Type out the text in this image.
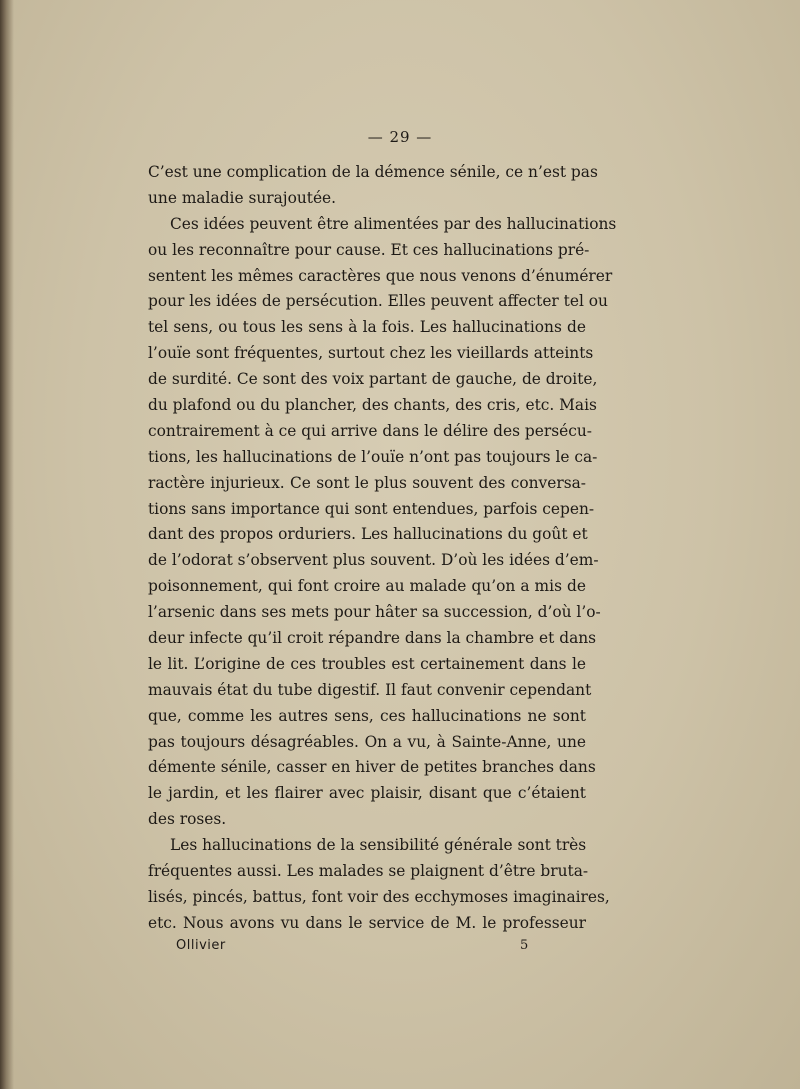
— 29 —
C’est une complication de la démence sénile, ce n’est pas
une maladie surajoutée.
Ces idées peuvent être alimentées par des hallucinations
ou les reconnaître pour cause. Et ces hallucinations pré-
sentent les mêmes caractères que nous venons d’énumérer
pour les idées de persécution. Elles peuvent affecter tel ou
tel sens, ou tous les sens à la fois. Les hallucinations de
l’ouïe sont fréquentes, surtout chez les vieillards atteints
de surdité. Ce sont des voix partant de gauche, de droite,
du plafond ou du plancher, des chants, des cris, etc. Mais
contrairement à ce qui arrive dans le délire des persécu-
tions, les hallucinations de l’ouïe n’ont pas toujours le ca-
ractère injurieux. Ce sont le plus souvent des conversa-
tions sans importance qui sont entendues, parfois cepen-
dant des propos orduriers. Les hallucinations du goût et
de l’odorat s’observent plus souvent. D’où les idées d’em-
poisonnement, qui font croire au malade qu’on a mis de
l’arsenic dans ses mets pour hâter sa succession, d’où l’o-
deur infecte qu’il croit répandre dans la chambre et dans
le lit. L’origine de ces troubles est certainement dans le
mauvais état du tube digestif. Il faut convenir cependant
que, comme les autres sens, ces hallucinations ne sont
pas toujours désagréables. On a vu, à Sainte-Anne, une
démente sénile, casser en hiver de petites branches dans
le jardin, et les flairer avec plaisir, disant que c’étaient
des roses.
Les hallucinations de la sensibilité générale sont très
fréquentes aussi. Les malades se plaignent d’être bruta-
lisés, pincés, battus, font voir des ecchymoses imaginaires,
etc. Nous avons vu dans le service de M. le professeur
Ollivier	5
